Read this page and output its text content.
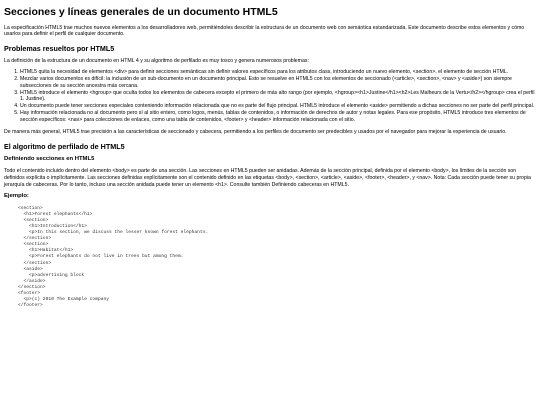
Secciones y líneas generales de un documento HTML5

La especificación HTML5 trae muchos nuevos elementos a los desarrolladores web, permitiéndoles describir la estructura de un documento web con semántica estandarizada. Este documento describe estos elementos y cómo usarlos para definir el perfil de cualquier documento.

Problemas resueltos por HTML5

La definición de la estructura de un documento en HTML 4 y su algoritmo de perfilado es muy tosco y genera numerosos problemas:

1. HTML5 quita la necesidad de elementos <div> para definir secciones semánticas sin definir valores específicos para los atributos class, introduciendo un nuevo elemento, <section>, el elemento de sección HTML.
2. Mezclar varios documentos es difícil: la inclusión de un sub-documento en un documento principal. Esto se resuelve en HTML5 con los elementos de seccionado (<article>, <section>, <nav> y <aside>) son siempre subsecciones de su sección ancestra más cercana.
3. HTML5 introduce el elemento <hgroup> que oculta todos los elementos de cabecera excepto el primero de más alto rango (por ejemplo, <hgroup><h1>Justine</h1><h2>Les Malheurs de la Vertu</h2></hgroup> crea el perfil 1. Justine).
4. Un documento puede tener secciones especiales conteniendo información relacionada que no es parte del flujo principal. HTML5 introduce el elemento <aside> permitiendo a dichas secciones no ser parte del perfil principal.
5. Hay información relacionada no al documento pero sí al sitio entero, como logos, menús, tablas de contenidos, o información de derechos de autor y notas legales. Para ese propósito, HTML5 introduce tres elementos de sección específicos: <nav> para colecciones de enlaces, como una tabla de contenidos, <footer> y <header> información relacionada con el sitio.

De manera más general, HTML5 trae precisión a las características de seccionado y cabecera, permitiendo a los perfiles de documento ser predecibles y usados por el navegador para mejorar la experiencia de usuario.

El algoritmo de perfilado de HTML5
Definiendo secciones en HTML5

Todo el contenido incluido dentro del elemento <body> es parte de una sección. Las secciones en HTML5 pueden ser anidadas. Además de la sección principal, definida por el elemento <body>, los límites de la sección son definidos explícita o implícitamente. Las secciones definidas explícitamente son el contenido definido en las etiquetas <body>, <section>, <article>, <aside>, <footer>, <header>, y <nav>. Nota: Cada sección puede tener su propia jerarquía de cabeceras. Por lo tanto, incluso una sección anidada puede tener un elemento <h1>. Consulte también Definiendo cabeceras en HTML5.

Ejemplo:
<section>
<h1>Forest elephants</h1>
<section>
<h1>Introduction</h1>
<p>In this section, we discuss the lesser known forest elephants.
</section>
<section>
<h1>Habitat</h1>
<p>Forest elephants do not live in trees but among them.
</section>
<aside>
<p>advertising block
</aside>
</section>
<footer>
<p>(c) 2010 The Example company
</footer>
